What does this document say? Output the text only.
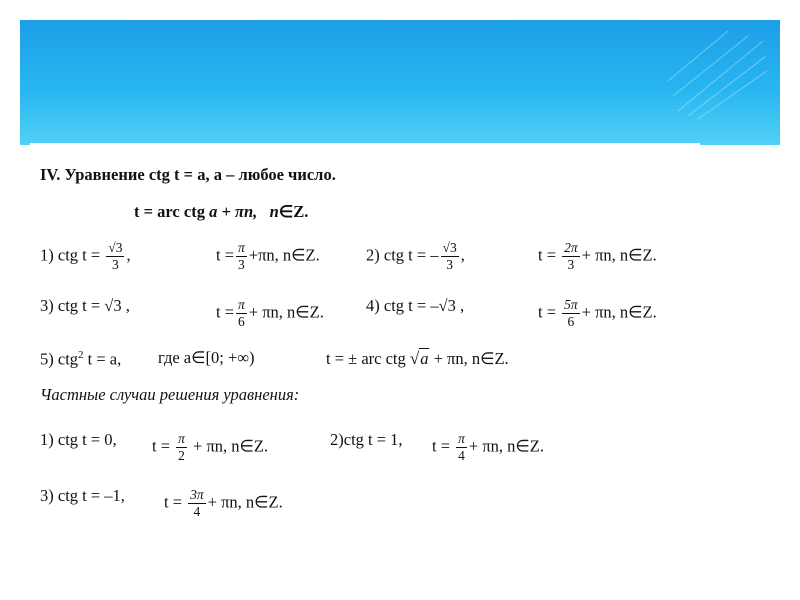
IV. Уравнение ctg t = a, a – любое число.
t = arc ctg a + πn, n∈Z.
1) ctg $t = \frac{√3}{3}$ ,	$t = \frac{\pi}{3} +\pi n$, n∈Z.	2) ctg t = – $\frac{√3}{3}$ ,	$t = \frac{2\pi}{3} + \pi n$, n∈Z.
3) ctg t = √3 ,	$t = \frac{\pi}{6} + \pi n$, n∈Z.	4) ctg t = –√3 ,	$t = \frac{5\pi}{6} + \pi n$, n∈Z.
5) ctg$^2$ t = a, где a∈[0; +∞)	t = ± arc ctg √a + πn, n∈Z.
Частные случаи решения уравнения:
1) ctg t = 0, $t = \frac{\pi}{2} + \pi n$, n∈Z.	2)ctg t = 1, $t = \frac{\pi}{4} + \pi n$, n∈Z.
3) ctg t = –1, $t = \frac{3\pi}{4} + \pi n$, n∈Z.
